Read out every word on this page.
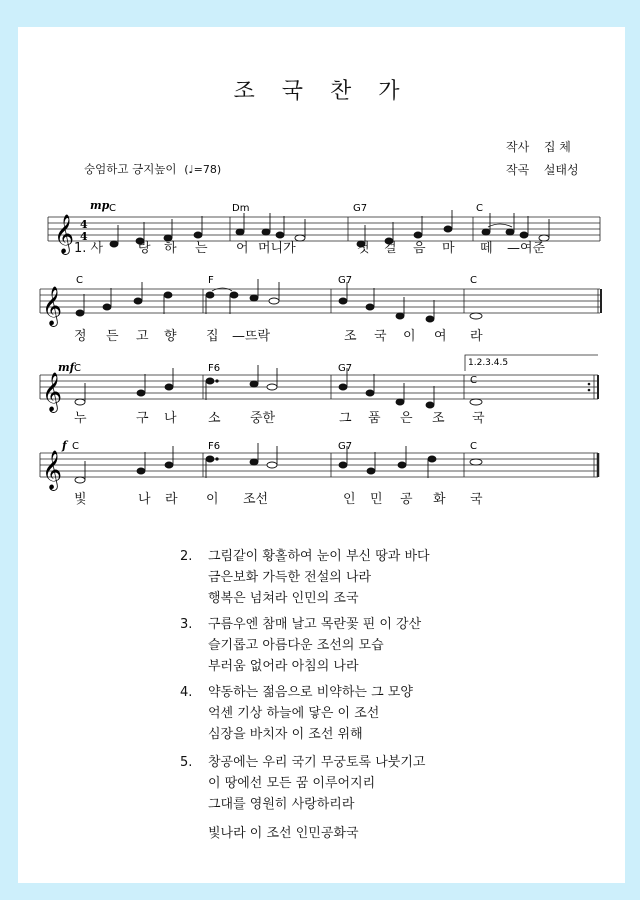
조 국 찬 가
작사 집 체
작곡 설태성
숭엄하고 긍지높이 (♩=78)
𝄞 4
4
mp C	Dm	G7	C
1. 사	랑 하 는 어 머니가	첫 걸 음 마 떼 —여준
𝄞
C	F	G7	C
정 든 고 향 집 —뜨락	조 국 이 여 라
1.2.3.4.5
𝄞
mf C	F6	G7
C
누	구 나 소 중한	그 품 은 조 국
𝄞
f C	F6	G7	C
빛	나 라 이 조선	인 민 공 화 국
2. 그림같이 황홀하여 눈이 부신 땅과 바다
금은보화 가득한 전설의 나라
행복은 넘쳐라 인민의 조국
3. 구름우엔 참매 날고 목란꽃 핀 이 강산
슬기롭고 아름다운 조선의 모습
부러움 없어라 아침의 나라
4. 약동하는 젊음으로 비약하는 그 모양
억센 기상 하늘에 닿은 이 조선
심장을 바치자 이 조선 위해
5. 창공에는 우리 국기 무궁토록 나붓기고
이 땅에선 모든 꿈 이루어지리
그대를 영원히 사랑하리라
빛나라 이 조선 인민공화국
